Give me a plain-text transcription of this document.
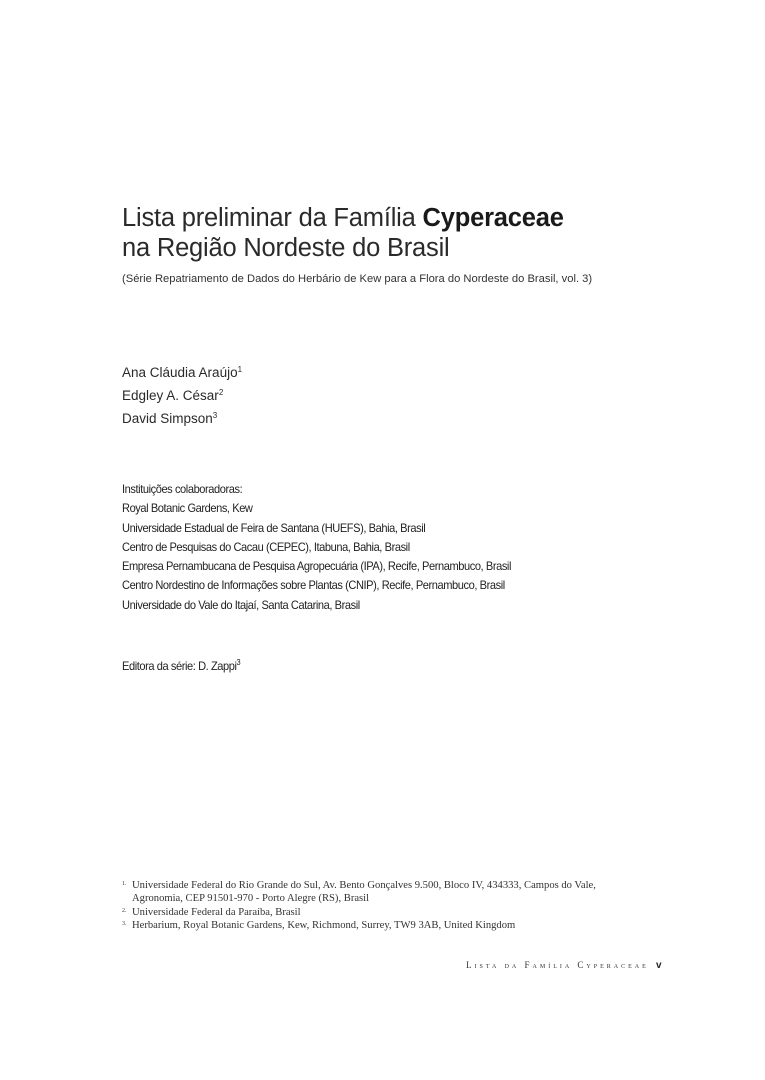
Lista preliminar da Família Cyperaceae
na Região Nordeste do Brasil
(Série Repatriamento de Dados do Herbário de Kew para a Flora do Nordeste do Brasil, vol. 3)
Ana Cláudia Araújo$^1$
Edgley A. César$^2$
David Simpson$^3$
Instituições colaboradoras:
Royal Botanic Gardens, Kew
Universidade Estadual de Feira de Santana (HUEFS), Bahia, Brasil
Centro de Pesquisas do Cacau (CEPEC), Itabuna, Bahia, Brasil
Empresa Pernambucana de Pesquisa Agropecuária (IPA), Recife, Pernambuco, Brasil
Centro Nordestino de Informações sobre Plantas (CNIP), Recife, Pernambuco, Brasil
Universidade do Vale do Itajaí, Santa Catarina, Brasil
Editora da série: D. Zappi$^3$
1. Universidade Federal do Rio Grande do Sul, Av. Bento Gonçalves 9.500, Bloco IV, 434333, Campos do Vale,
Agronomia, CEP 91501-970 - Porto Alegre (RS), Brasil
2. Universidade Federal da Paraíba, Brasil
3. Herbarium, Royal Botanic Gardens, Kew, Richmond, Surrey, TW9 3AB, United Kingdom
Lista da Família Cyperaceae v
